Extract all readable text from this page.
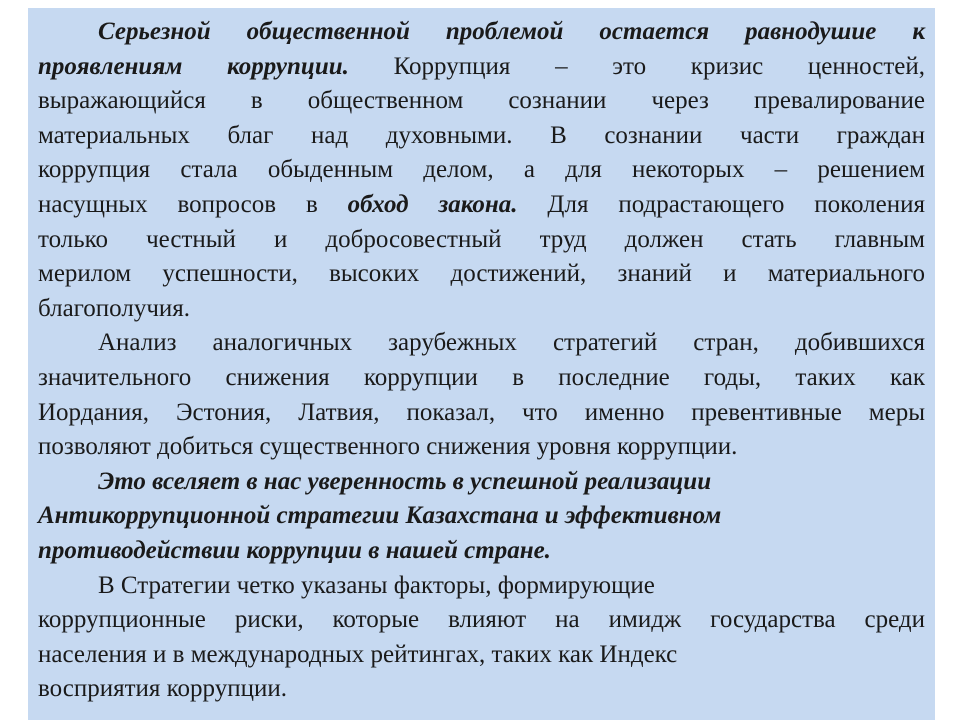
Серьезной общественной проблемой остается равнодушие к
проявлениям коррупции. Коррупция – это кризис ценностей,
выражающийся в общественном сознании через превалирование
материальных благ над духовными. В сознании части граждан
коррупция стала обыденным делом, а для некоторых – решением
насущных вопросов в обход закона. Для подрастающего поколения
только честный и добросовестный труд должен стать главным
мерилом успешности, высоких достижений, знаний и материального
благополучия.
Анализ аналогичных зарубежных стратегий стран, добившихся
значительного снижения коррупции в последние годы, таких как
Иордания, Эстония, Латвия, показал, что именно превентивные меры
позволяют добиться существенного снижения уровня коррупции.
Это вселяет в нас уверенность в успешной реализации
Антикоррупционной стратегии Казахстана и эффективном
противодействии коррупции в нашей стране.
В Стратегии четко указаны факторы, формирующие
коррупционные риски, которые влияют на имидж государства среди
населения и в международных рейтингах, таких как Индекс
восприятия коррупции.
